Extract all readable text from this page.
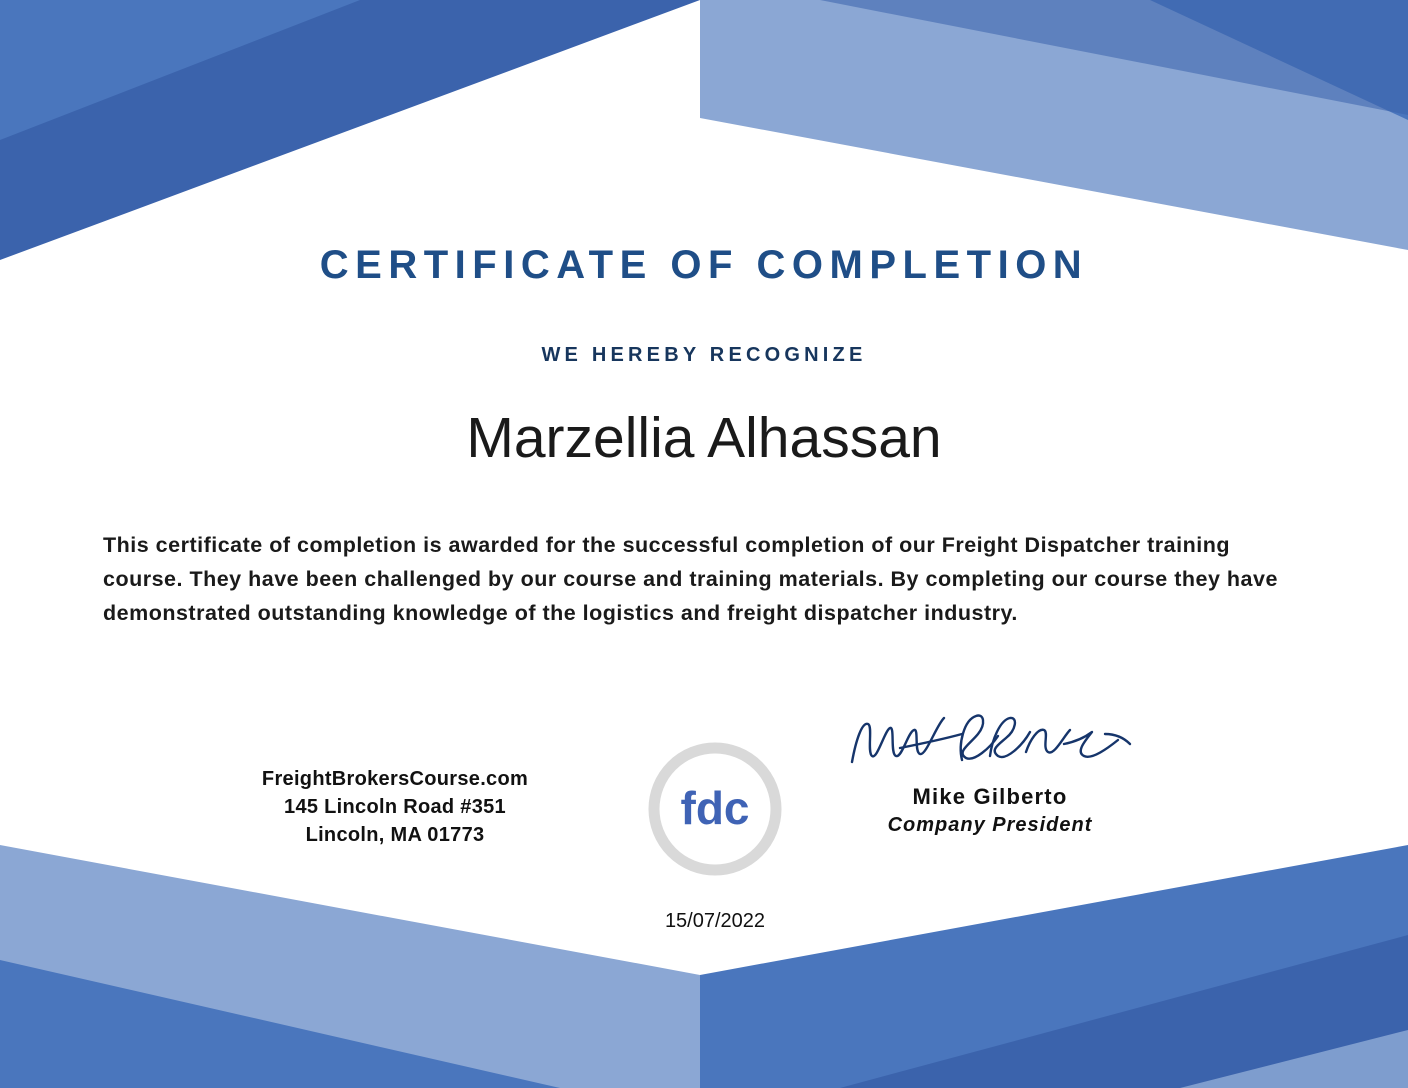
CERTIFICATE OF COMPLETION
WE HEREBY RECOGNIZE
Marzellia Alhassan
This certificate of completion is awarded for the successful completion of our Freight Dispatcher training course. They have been challenged by our course and training materials. By completing our course they have demonstrated outstanding knowledge of the logistics and freight dispatcher industry.
FreightBrokersCourse.com
145 Lincoln Road #351
Lincoln, MA 01773
fdc	Mike Gilberto
Company President
15/07/2022
